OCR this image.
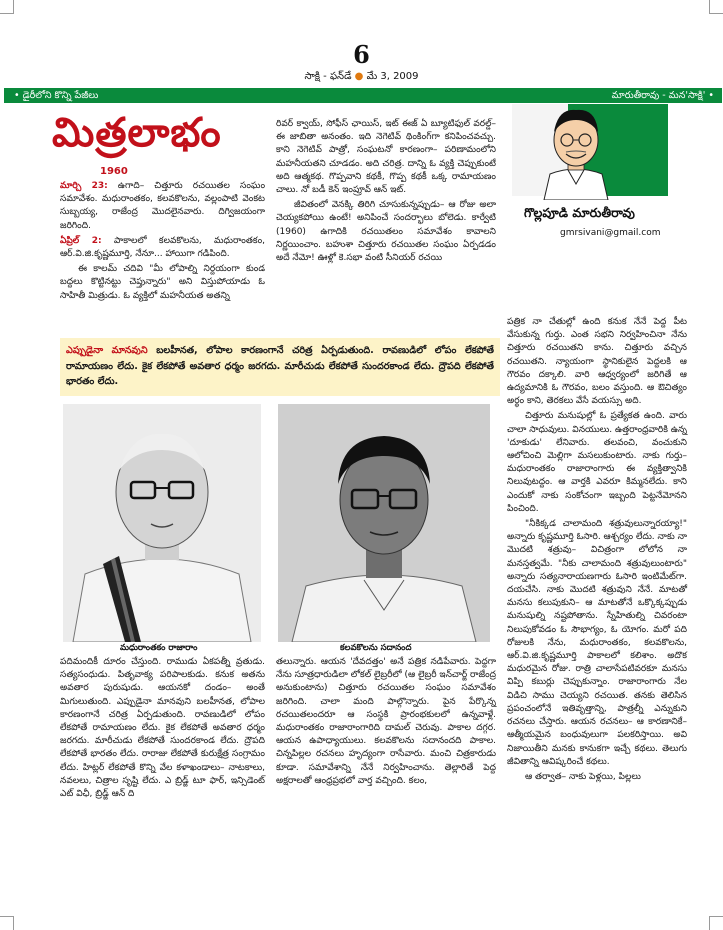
6
సాక్షి - ఫన్‌డే ● మే 3, 2009
• డైరీలోని కొన్ని పేజీలు	మారుతీరావు - మన'సాక్షి' •
మిత్రలాభం
1960

మార్చి 23: ఉగాది– చిత్తూరు రచయితల సంఘం సమావేశం. మధురాంతకం, కలవకొలను, వల్లంపాటి వెంకట సుబ్బయ్య, రాజేంద్ర మొదలైనవారు. దిగ్విజయంగా జరిగింది.

ఏప్రిల్ 2: పాకాలలో కలవకొలను, మధురాంతకం, ఆర్.వి.జి.కృష్ణమూర్తి, నేనూ... హాయిగా గడిపింది.

ఈ కాలమ్ చదివి "మీ లోపాల్ని నిర్దయంగా కుండ బద్దలు కొట్టినట్టు చెప్తున్నారు" అని విస్తుపోయాడు ఓ సాహితీ మిత్రుడు. ఓ వ్యక్తిలో మహనీయత అతన్ని

రివర్ క్వాయ్, సోఫీస్ ఛాయిస్, ఇట్ ఈజ్ ఏ బ్యూటిఫుల్ వరల్డ్– ఈ జాబితా అనంతం. ఇది నెగెటివ్ థింకింగ్‌గా కనిపించవచ్చు. కాని నెగెటివ్ పాత్రో, సంఘటనో కారణంగా– పరిణామంలోని మహనీయతని చూడడం. అది చరిత్ర. దాన్ని ఓ వ్యక్తి చెప్పుకుంటే అది ఆత్మకథ. గొప్పవాని కథకీ, గొప్ప కథకీ ఒక్క రామాయణం చాలు. నో బడీ కెన్ ఇంప్రూవ్ ఆన్ ఇట్.

జీవితంలో వెనక్కి తిరిగి చూసుకున్నప్పుడు– ఆ రోజు అలా చెయ్యకపోయి ఉంటే! అనిపించే సందర్భాలు బోలెడు. కార్వేటి (1960) ఉగాదికి రచయితలం సమావేశం కావాలని నిర్ణయించాం. బహుశా చిత్తూరు రచయితల సంఘం ఏర్పడడం అదే నేమో! ఊళ్లో కె.సభా వంటి సీనియర్ రచయి

గొల్లపూడి మారుతీరావు
gmrsivani@gmail.com

పత్రిక నా చేతుల్లో ఉంది కనుక నేనే పెద్ద పీట వేసుకున్న గుర్తు. ఎంత సభని నిర్వహించినా నేను చిత్తూరు రచయితని కాను. చిత్తూరు వచ్చిన రచయితని. న్యాయంగా స్థానికులైన పెద్దలకి ఆ గౌరవం దక్కాలి. వారి ఆధ్వర్యంలో జరిగితే ఆ ఉద్యమానికి ఓ గౌరవం, బలం వస్తుంది. ఆ ఔచిత్యం అర్థం కాని, తెరకలు వేసే వయస్సు అది.

చిత్తూరు మనుషుల్లో ఓ ప్రత్యేకత ఉంది. వారు చాలా సాధువులు. వినయులు. ఉత్తరాంధ్రవారికి ఉన్న 'దూకుడు' లేనివారు. తలవంచి, వంచుకుని ఆలోచించి మెల్లిగా మసలుకుంటారు. నాకు గుర్తు– మధురాంతకం రాజారాంగారు ఈ వ్యక్తిత్వానికి నిలువుటద్దం. ఆ వార్తకి ఎవరూ కిమ్మనలేదు. కాని ఎందుకో నాకు సంకోచంగా ఇబ్బంది పెట్టనేమోనని పించింది.

"నీకిక్కడ చాలామంది శత్రువులున్నారయ్యా!" అన్నారు కృష్ణమూర్తి ఓసారి. ఆశ్చర్యం లేదు. నాకు నా మొదటి శత్రువు– విచిత్రంగా లోలోన నా మనస్తత్వమే. "నీకు చాలామంది శత్రువులుంటారు" అన్నారు సత్యనారాయణగారు ఓసారి ఇంటిమేట్‌గా. దయచేసి. నాకు మొదటి శత్రువుని నేనే. మాటతో మనసు కలుపుకుని– ఆ మాటతోనే ఒక్కొక్కప్పుడు మనుషుల్ని నష్టపోతాను. స్నేహితుల్ని చివరంటా నిలుపుకోవడం ఓ సౌభాగ్యం, ఓ యోగం. మరో పది రోజులకి నేను, మధురాంతకం, కలవకొలను, ఆర్.వి.జి.కృష్ణమూర్తి పాకాలలో కలిశాం. అదొక మధురమైన రోజు. రాత్రి చాలాసేపటివరకూ మనసు విప్పి కబుర్లు చెప్పుకున్నాం. రాజారాంగారు నేల విడిచి సాము చెయ్యని రచయిత. తనకు తెలిసిన ప్రపంచంలోనే ఇతివృత్తాన్ని, పాత్రల్నీ ఎన్నుకుని రచనలు చేస్తారు. ఆయన రచనలు– ఆ కారణానికే– ఆత్మీయమైన బంధువులుగా పలకరిస్తాయి. అవి నిజాయితీని మనకు కానుకగా ఇచ్చే కథలు. తెలుగు జీవితాన్ని ఆవిష్కరించే కథలు.

ఆ తర్వాత– నాకు పెళ్లయి, పిల్లలు

ఎప్పుడైనా మానవుని బలహీనత, లోపాల కారణంగానే చరిత్ర ఏర్పడుతుంది. రావణుడిలో లోపం లేకపోతే రామాయణం లేదు. కైక లేకపోతే అవతార ధర్మం జరగదు. మారీచుడు లేకపోతే సుందరకాండ లేదు. ద్రౌపది లేకపోతే భారతం లేదు.
మధురాంతకం రాజారాం	కలవకొలను సదానంద

పదిమందికీ దూరం చేస్తుంది. రాముడు ఏకపత్నీ వ్రతుడు. సత్యసంధుడు. పితృవాక్య పరిపాలకుడు. కనుక అతను అవతార పురుషుడు. ఆయనకో దండం– అంతే మిగులుతుంది. ఎప్పుడైనా మానవుని బలహీనత, లోపాల కారణంగానే చరిత్ర ఏర్పడుతుంది. రావణుడిలో లోపం లేకపోతే రామాయణం లేదు. కైక లేకపోతే అవతార ధర్మం జరగదు. మారీచుడు లేకపోతే సుందరకాండ లేదు. ద్రౌపది లేకపోతే భారతం లేదు. రారాజు లేకపోతే కురుక్షేత్ర సంగ్రామం లేదు. హిట్లర్ లేకపోతే కొన్ని వేల కళాఖండాలు– నాటకాలు, నవలలు, చిత్రాల సృష్టి లేదు. ఎ బ్రిడ్జ్ టూ ఫార్, ఇన్సిడెంట్ ఎట్ విఛీ, బ్రిడ్జ్ ఆన్ ది

తలున్నారు. ఆయన 'దేవదత్తం' అనే పత్రిక నడిపేవారు. పెద్దగా నేను సూత్రధారుడిలా లోకల్ లైబ్రరీలో (ఆ లైబ్రరీ ఇన్‌చార్జ్ రాజేంద్ర అనుకుంటాను) చిత్తూరు రచయితల సంఘం సమావేశం జరిగింది. చాలా మంది పాల్గొన్నారు. పైన పేర్కొన్న రచయితలందరూ ఆ సంస్థకి ప్రారంభకులలో ఉన్నవాళ్లే. మధురాంతకం రాజారాంగారిది దామల్ చెరువు. పాకాల దగ్గర. ఆయన ఉపాధ్యాయులు. కలవకొలను సదానందది పాకాల. చిన్నపిల్లల రచనలు హృద్యంగా రాసేవారు. మంచి చిత్రకారుడు కూడా. సమావేశాన్ని నేనే నిర్వహించాను. తెల్లారితే పెద్ద అక్షరాలతో ఆంధ్రప్రభలో వార్త వచ్చింది. కలం,
